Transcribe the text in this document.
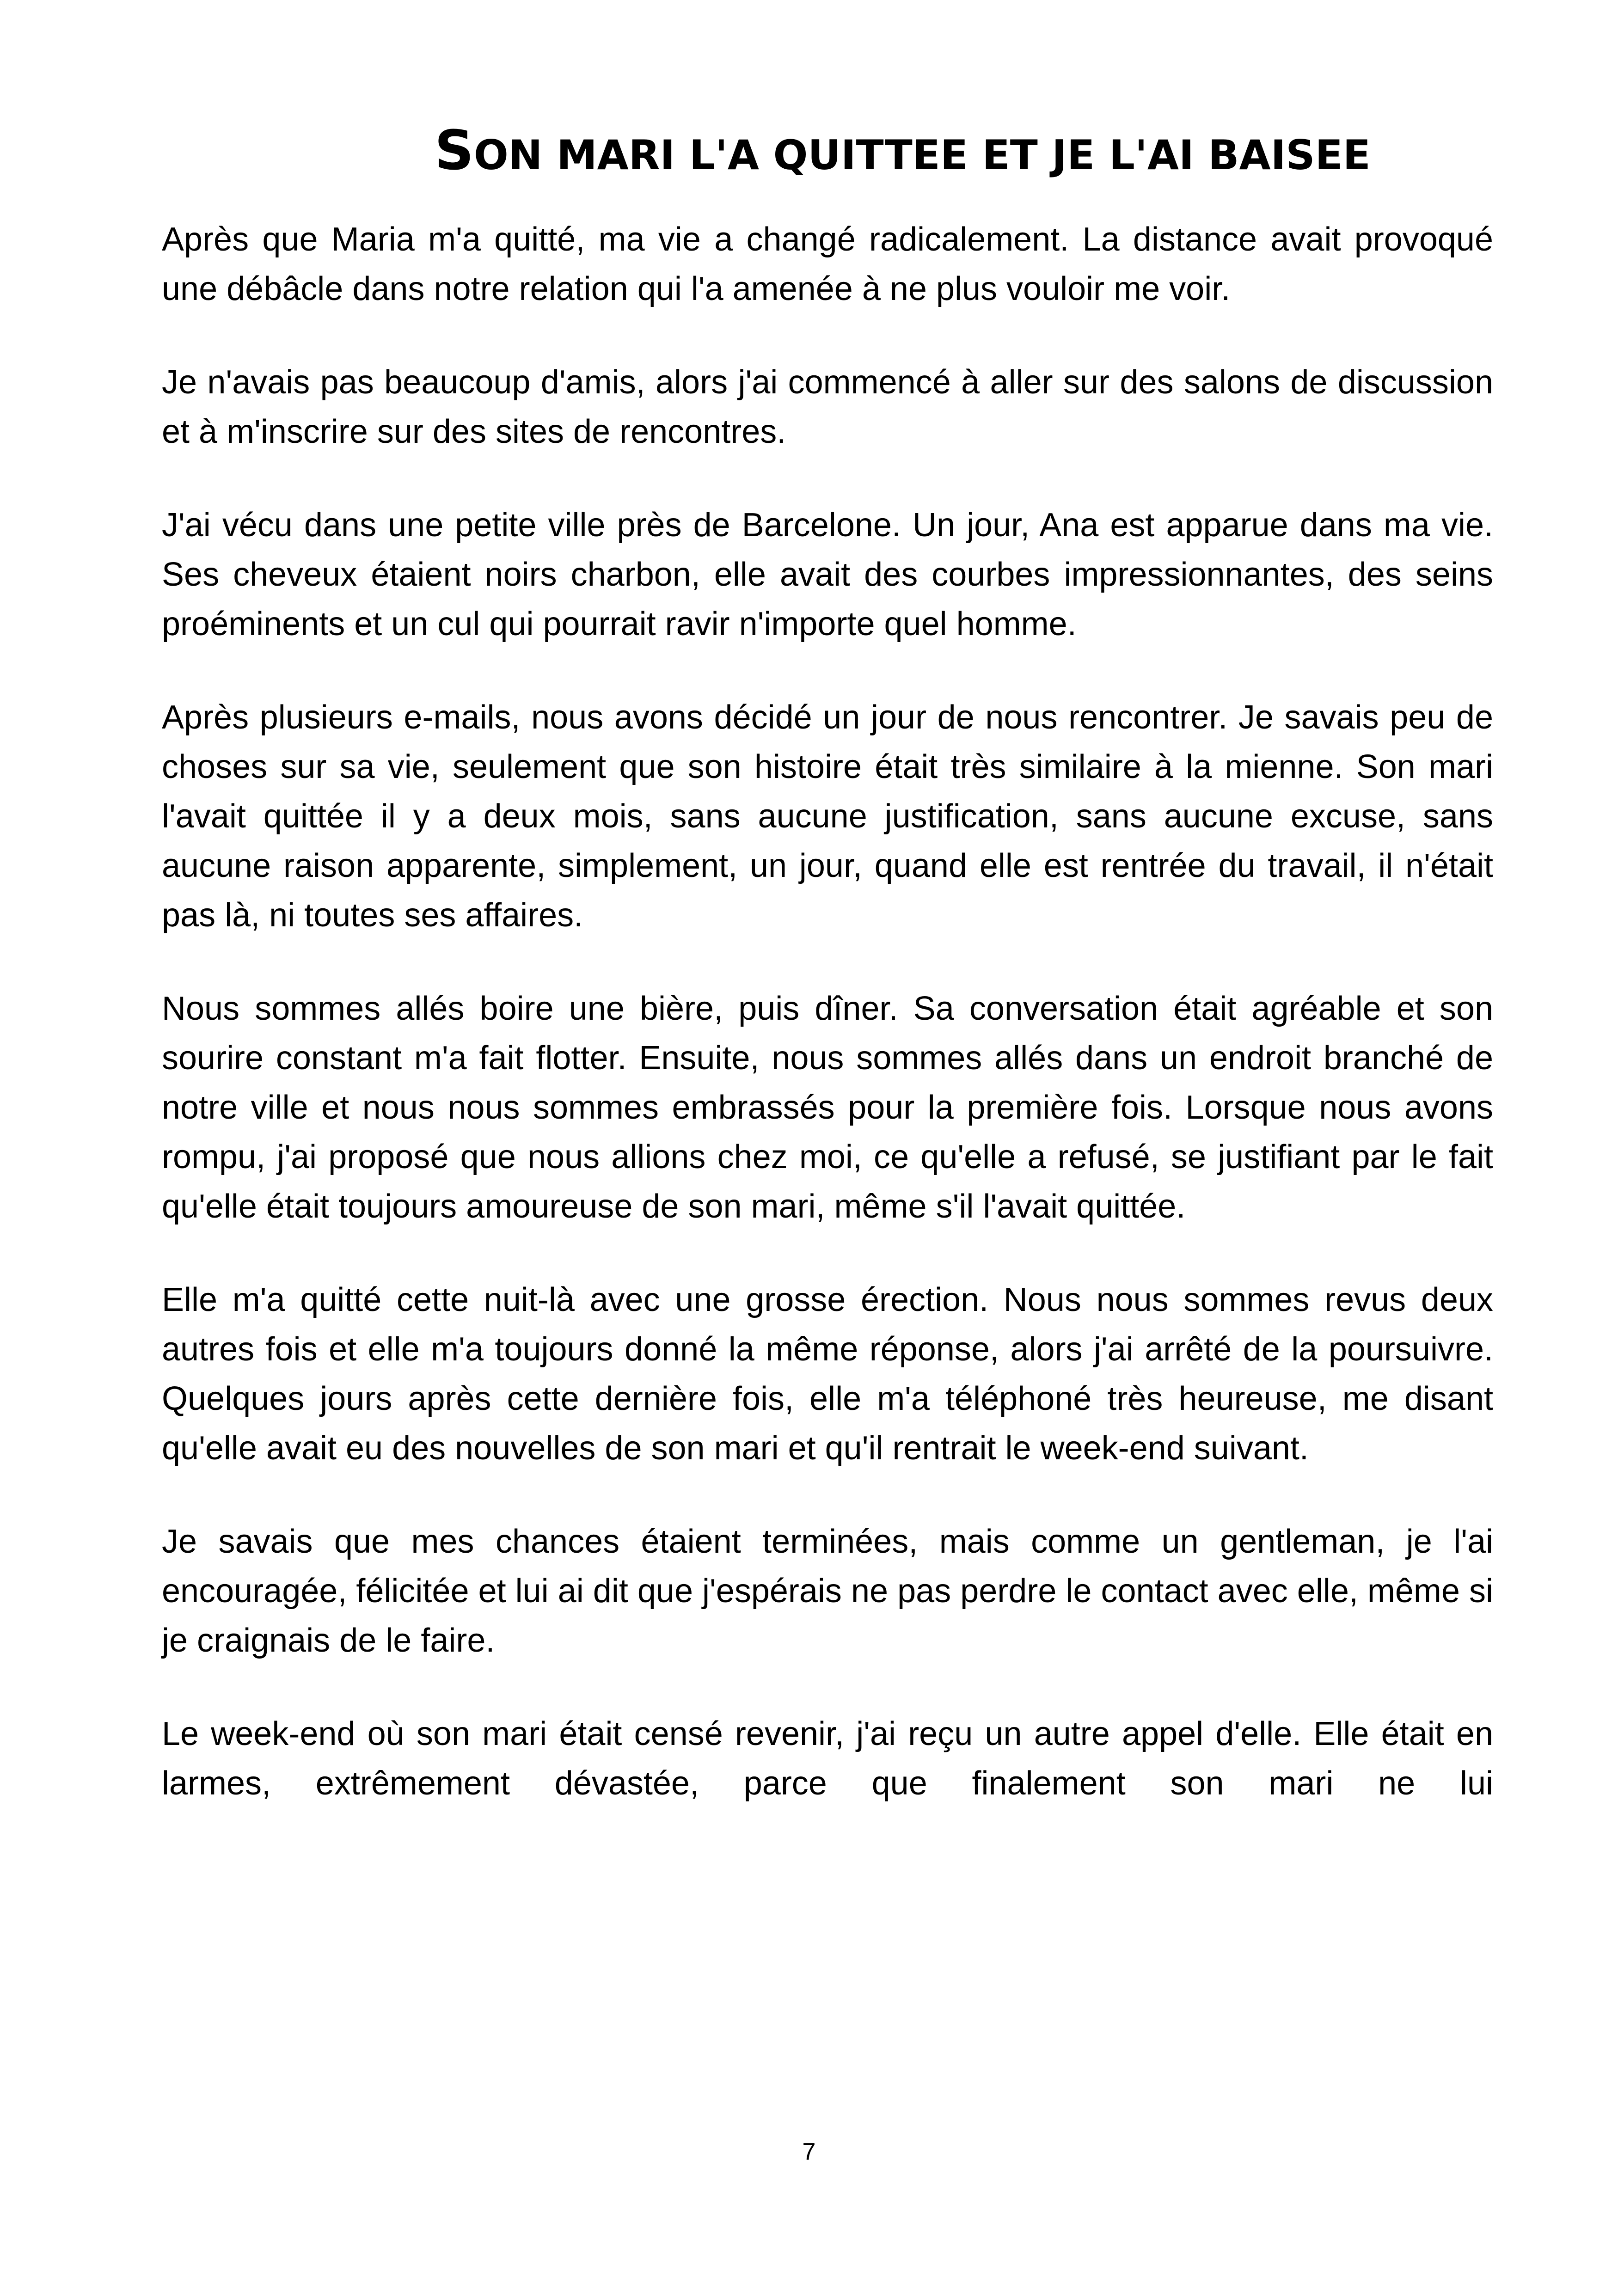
SON MARI L'A QUITTEE ET JE L'AI BAISEE

Après que Maria m'a quitté, ma vie a changé radicalement. La distance avait provoqué une débâcle dans notre relation qui l'a amenée à ne plus vouloir me voir.

Je n'avais pas beaucoup d'amis, alors j'ai commencé à aller sur des salons de discussion et à m'inscrire sur des sites de rencontres.

J'ai vécu dans une petite ville près de Barcelone. Un jour, Ana est apparue dans ma vie. Ses cheveux étaient noirs charbon, elle avait des courbes impressionnantes, des seins proéminents et un cul qui pourrait ravir n'importe quel homme.

Après plusieurs e-mails, nous avons décidé un jour de nous rencontrer. Je savais peu de choses sur sa vie, seulement que son histoire était très similaire à la mienne. Son mari l'avait quittée il y a deux mois, sans aucune justification, sans aucune excuse, sans aucune raison apparente, simplement, un jour, quand elle est rentrée du travail, il n'était pas là, ni toutes ses affaires.

Nous sommes allés boire une bière, puis dîner. Sa conversation était agréable et son sourire constant m'a fait flotter. Ensuite, nous sommes allés dans un endroit branché de notre ville et nous nous sommes embrassés pour la première fois. Lorsque nous avons rompu, j'ai proposé que nous allions chez moi, ce qu'elle a refusé, se justifiant par le fait qu'elle était toujours amoureuse de son mari, même s'il l'avait quittée.

Elle m'a quitté cette nuit-là avec une grosse érection. Nous nous sommes revus deux autres fois et elle m'a toujours donné la même réponse, alors j'ai arrêté de la poursuivre. Quelques jours après cette dernière fois, elle m'a téléphoné très heureuse, me disant qu'elle avait eu des nouvelles de son mari et qu'il rentrait le week-end suivant.

Je savais que mes chances étaient terminées, mais comme un gentleman, je l'ai encouragée, félicitée et lui ai dit que j'espérais ne pas perdre le contact avec elle, même si je craignais de le faire.

Le week-end où son mari était censé revenir, j'ai reçu un autre appel d'elle. Elle était en larmes, extrêmement dévastée, parce que finalement son mari ne lui

7
